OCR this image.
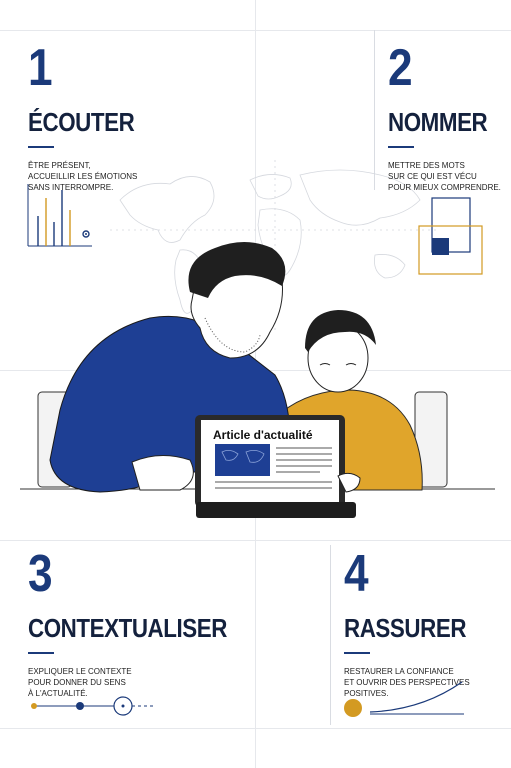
1
ÉCOUTER
ÊTRE PRÉSENT,
ACCUEILLIR LES ÉMOTIONS
SANS INTERROMPRE.
2
NOMMER
METTRE DES MOTS
SUR CE QUI EST VÉCU
POUR MIEUX COMPRENDRE.
Article d'actualité
3
CONTEXTUALISER
EXPLIQUER LE CONTEXTE
POUR DONNER DU SENS
À L'ACTUALITÉ.
4
RASSURER
RESTAURER LA CONFIANCE
ET OUVRIR DES PERSPECTIVES
POSITIVES.
